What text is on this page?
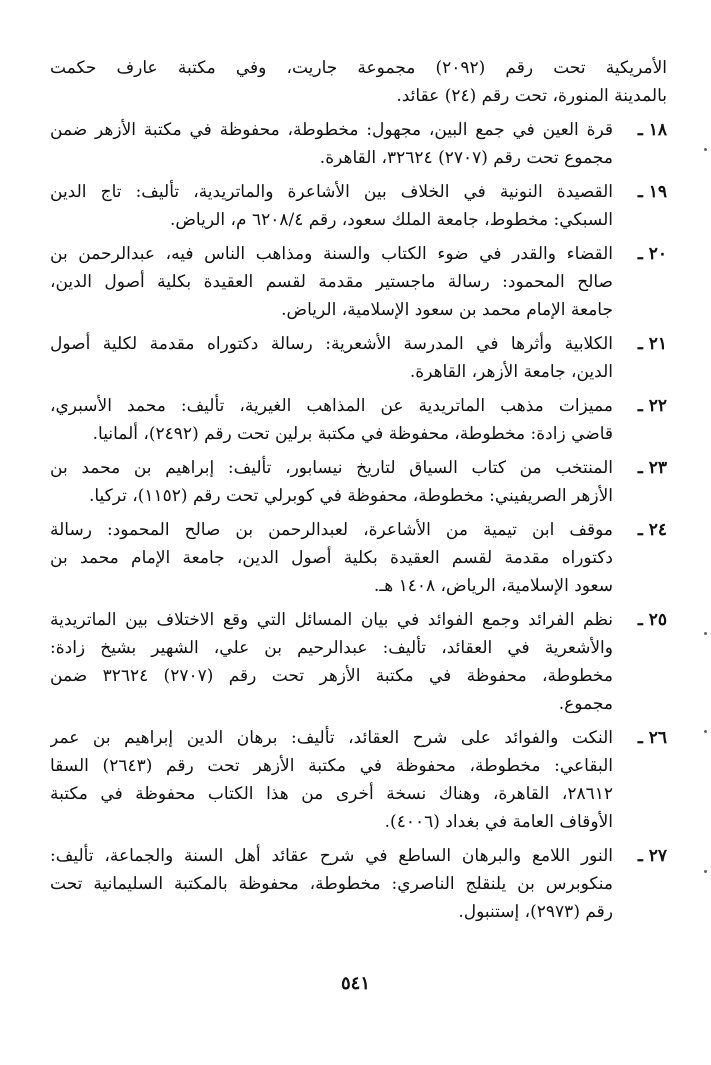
الأمريكية تحت رقم (٢٠٩٢) مجموعة جاريت، وفي مكتبة عارف حكمت
بالمدينة المنورة، تحت رقم (٢٤) عقائد.
١٨ ـ
قرة العين في جمع البين، مجهول: مخطوطة، محفوظة في مكتبة الأزهر ضمن
مجموع تحت رقم (٢٧٠٧) ٣٢٦٢٤، القاهرة.
١٩ ـ
القصيدة النونية في الخلاف بين الأشاعرة والماتريدية، تأليف: تاج الدين
السبكي: مخطوط، جامعة الملك سعود، رقم ٦٢٠٨/٤ م، الرياض.
٢٠ ـ
القضاء والقدر في ضوء الكتاب والسنة ومذاهب الناس فيه، عبدالرحمن بن
صالح المحمود: رسالة ماجستير مقدمة لقسم العقيدة بكلية أصول الدين،
جامعة الإمام محمد بن سعود الإسلامية، الرياض.
٢١ ـ
الكلابية وأثرها في المدرسة الأشعرية: رسالة دكتوراه مقدمة لكلية أصول
الدين، جامعة الأزهر، القاهرة.
٢٢ ـ
مميزات مذهب الماتريدية عن المذاهب الغيرية، تأليف: محمد الأسبري،
قاضي زادة: مخطوطة، محفوظة في مكتبة برلين تحت رقم (٢٤٩٢)، ألمانيا.
٢٣ ـ
المنتخب من كتاب السياق لتاريخ نيسابور، تأليف: إبراهيم بن محمد بن
الأزهر الصريفيني: مخطوطة، محفوظة في كوبرلي تحت رقم (١١٥٢)، تركيا.
٢٤ ـ
موقف ابن تيمية من الأشاعرة، لعبدالرحمن بن صالح المحمود: رسالة
دكتوراه مقدمة لقسم العقيدة بكلية أصول الدين، جامعة الإمام محمد بن
سعود الإسلامية، الرياض، ١٤٠٨ هـ.
٢٥ ـ
نظم الفرائد وجمع الفوائد في بيان المسائل التي وقع الاختلاف بين الماتريدية
والأشعرية في العقائد، تأليف: عبدالرحيم بن علي، الشهير بشيخ زادة:
مخطوطة، محفوظة في مكتبة الأزهر تحت رقم (٢٧٠٧) ٣٢٦٢٤ ضمن
مجموع.
٢٦ ـ
النكت والفوائد على شرح العقائد، تأليف: برهان الدين إبراهيم بن عمر
البقاعي: مخطوطة، محفوظة في مكتبة الأزهر تحت رقم (٢٦٤٣) السقا
٢٨٦١٢، القاهرة، وهناك نسخة أخرى من هذا الكتاب محفوظة في مكتبة
الأوقاف العامة في بغداد (٤٠٠٦).
٢٧ ـ
النور اللامع والبرهان الساطع في شرح عقائد أهل السنة والجماعة، تأليف:
منكوبرس بن يلنقلج الناصري: مخطوطة، محفوظة بالمكتبة السليمانية تحت
رقم (٢٩٧٣)، إستنبول.
٥٤١
